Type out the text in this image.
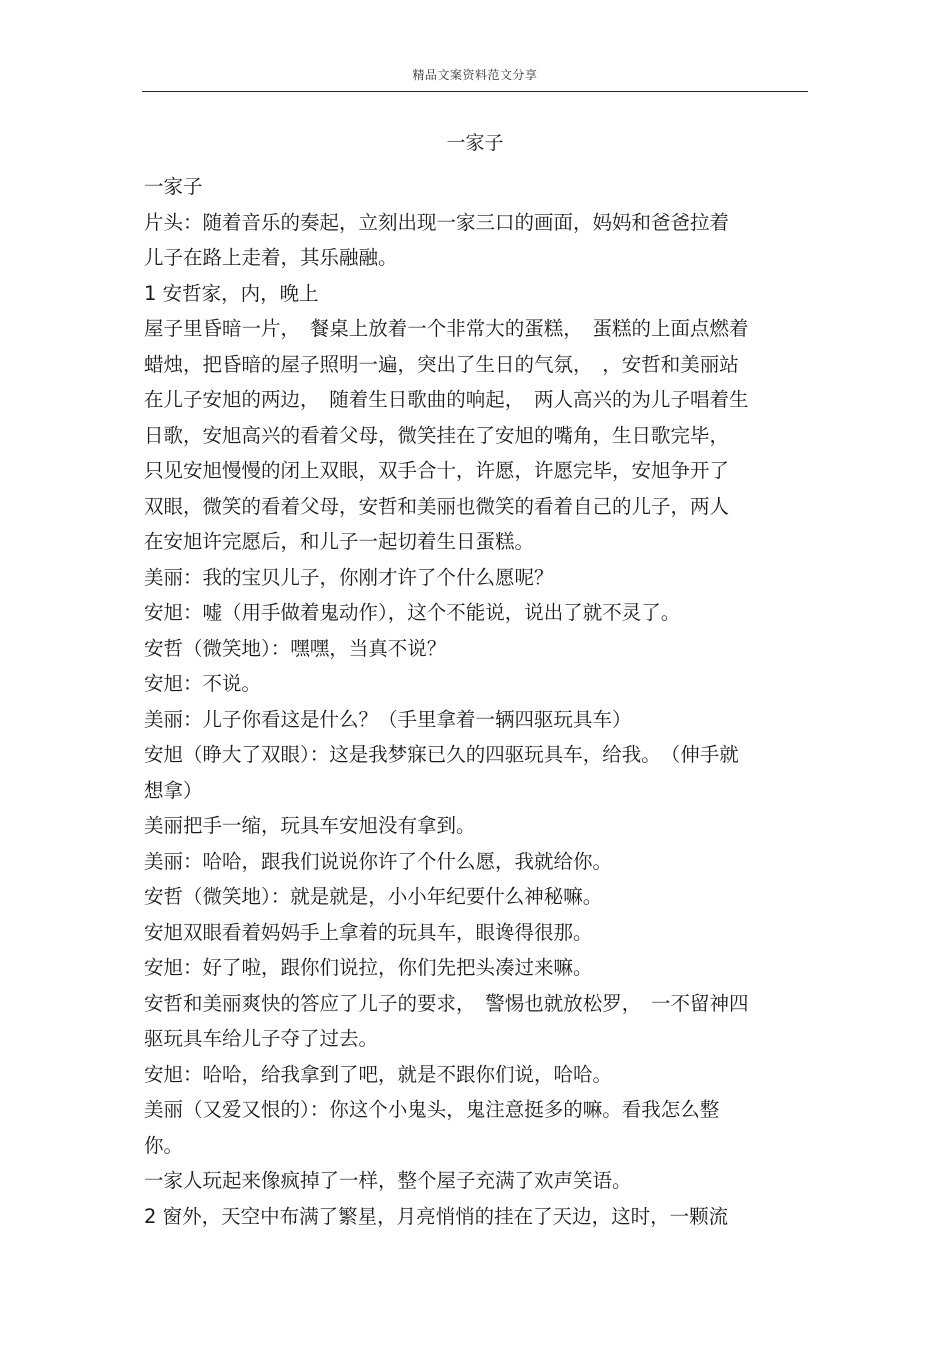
精品文案资料范文分享
一家子
一家子
片头：随着音乐的奏起，立刻出现一家三口的画面，妈妈和爸爸拉着
儿子在路上走着，其乐融融。
1 安哲家，内，晚上
屋子里昏暗一片，　餐桌上放着一个非常大的蛋糕，　蛋糕的上面点燃着
蜡烛，把昏暗的屋子照明一遍，突出了生日的气氛，　，安哲和美丽站
在儿子安旭的两边，　随着生日歌曲的响起，　两人高兴的为儿子唱着生
日歌，安旭高兴的看着父母，微笑挂在了安旭的嘴角，生日歌完毕，
只见安旭慢慢的闭上双眼，双手合十，许愿，许愿完毕，安旭争开了
双眼，微笑的看着父母，安哲和美丽也微笑的看着自己的儿子，两人
在安旭许完愿后，和儿子一起切着生日蛋糕。
美丽：我的宝贝儿子，你刚才许了个什么愿呢？
安旭：嘘（用手做着鬼动作），这个不能说，说出了就不灵了。
安哲（微笑地）：嘿嘿，当真不说？
安旭：不说。
美丽：儿子你看这是什么？（手里拿着一辆四驱玩具车）
安旭（睁大了双眼）：这是我梦寐已久的四驱玩具车，给我。　（伸手就
想拿）
美丽把手一缩，玩具车安旭没有拿到。
美丽：哈哈，跟我们说说你许了个什么愿，我就给你。
安哲（微笑地）：就是就是，小小年纪要什么神秘嘛。
安旭双眼看着妈妈手上拿着的玩具车，眼谗得很那。
安旭：好了啦，跟你们说拉，你们先把头凑过来嘛。
安哲和美丽爽快的答应了儿子的要求，　警惕也就放松罗，　一不留神四
驱玩具车给儿子夺了过去。
安旭：哈哈，给我拿到了吧，就是不跟你们说，哈哈。
美丽（又爱又恨的）：你这个小鬼头，鬼注意挺多的嘛。看我怎么整
你。
一家人玩起来像疯掉了一样，整个屋子充满了欢声笑语。
2 窗外，天空中布满了繁星，月亮悄悄的挂在了天边，这时，一颗流
